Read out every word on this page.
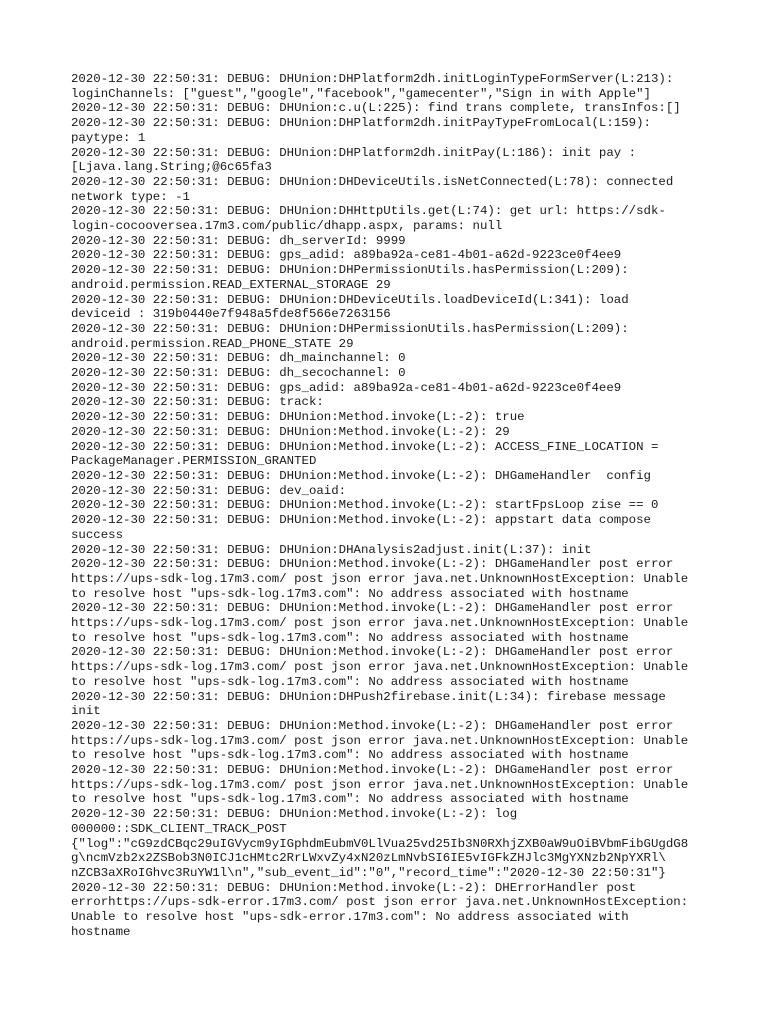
2020-12-30 22:50:31: DEBUG: DHUnion:DHPlatform2dh.initLoginTypeFormServer(L:213):
loginChannels: ["guest","google","facebook","gamecenter","Sign in with Apple"]
2020-12-30 22:50:31: DEBUG: DHUnion:c.u(L:225): find trans complete, transInfos:[]
2020-12-30 22:50:31: DEBUG: DHUnion:DHPlatform2dh.initPayTypeFromLocal(L:159):
paytype: 1
2020-12-30 22:50:31: DEBUG: DHUnion:DHPlatform2dh.initPay(L:186): init pay :
[Ljava.lang.String;@6c65fa3
2020-12-30 22:50:31: DEBUG: DHUnion:DHDeviceUtils.isNetConnected(L:78): connected
network type: -1
2020-12-30 22:50:31: DEBUG: DHUnion:DHHttpUtils.get(L:74): get url: https://sdk-
login-cocooversea.17m3.com/public/dhapp.aspx, params: null
2020-12-30 22:50:31: DEBUG: dh_serverId: 9999
2020-12-30 22:50:31: DEBUG: gps_adid: a89ba92a-ce81-4b01-a62d-9223ce0f4ee9
2020-12-30 22:50:31: DEBUG: DHUnion:DHPermissionUtils.hasPermission(L:209):
android.permission.READ_EXTERNAL_STORAGE 29
2020-12-30 22:50:31: DEBUG: DHUnion:DHDeviceUtils.loadDeviceId(L:341): load
deviceid : 319b0440e7f948a5fde8f566e7263156
2020-12-30 22:50:31: DEBUG: DHUnion:DHPermissionUtils.hasPermission(L:209):
android.permission.READ_PHONE_STATE 29
2020-12-30 22:50:31: DEBUG: dh_mainchannel: 0
2020-12-30 22:50:31: DEBUG: dh_secochannel: 0
2020-12-30 22:50:31: DEBUG: gps_adid: a89ba92a-ce81-4b01-a62d-9223ce0f4ee9
2020-12-30 22:50:31: DEBUG: track:
2020-12-30 22:50:31: DEBUG: DHUnion:Method.invoke(L:-2): true
2020-12-30 22:50:31: DEBUG: DHUnion:Method.invoke(L:-2): 29
2020-12-30 22:50:31: DEBUG: DHUnion:Method.invoke(L:-2): ACCESS_FINE_LOCATION =
PackageManager.PERMISSION_GRANTED
2020-12-30 22:50:31: DEBUG: DHUnion:Method.invoke(L:-2): DHGameHandler  config
2020-12-30 22:50:31: DEBUG: dev_oaid:
2020-12-30 22:50:31: DEBUG: DHUnion:Method.invoke(L:-2): startFpsLoop zise == 0
2020-12-30 22:50:31: DEBUG: DHUnion:Method.invoke(L:-2): appstart data compose
success
2020-12-30 22:50:31: DEBUG: DHUnion:DHAnalysis2adjust.init(L:37): init
2020-12-30 22:50:31: DEBUG: DHUnion:Method.invoke(L:-2): DHGameHandler post error
https://ups-sdk-log.17m3.com/ post json error java.net.UnknownHostException: Unable
to resolve host "ups-sdk-log.17m3.com": No address associated with hostname
2020-12-30 22:50:31: DEBUG: DHUnion:Method.invoke(L:-2): DHGameHandler post error
https://ups-sdk-log.17m3.com/ post json error java.net.UnknownHostException: Unable
to resolve host "ups-sdk-log.17m3.com": No address associated with hostname
2020-12-30 22:50:31: DEBUG: DHUnion:Method.invoke(L:-2): DHGameHandler post error
https://ups-sdk-log.17m3.com/ post json error java.net.UnknownHostException: Unable
to resolve host "ups-sdk-log.17m3.com": No address associated with hostname
2020-12-30 22:50:31: DEBUG: DHUnion:DHPush2firebase.init(L:34): firebase message
init
2020-12-30 22:50:31: DEBUG: DHUnion:Method.invoke(L:-2): DHGameHandler post error
https://ups-sdk-log.17m3.com/ post json error java.net.UnknownHostException: Unable
to resolve host "ups-sdk-log.17m3.com": No address associated with hostname
2020-12-30 22:50:31: DEBUG: DHUnion:Method.invoke(L:-2): DHGameHandler post error
https://ups-sdk-log.17m3.com/ post json error java.net.UnknownHostException: Unable
to resolve host "ups-sdk-log.17m3.com": No address associated with hostname
2020-12-30 22:50:31: DEBUG: DHUnion:Method.invoke(L:-2): log
000000::SDK_CLIENT_TRACK_POST
{"log":"cG9zdCBqc29uIGVycm9yIGphdmEubmV0LlVua25vd25Ib3N0RXhjZXB0aW9uOiBVbmFibGUgdG8
g\ncmVzb2x2ZSBob3N0ICJ1cHMtc2RrLWxvZy4xN20zLmNvbSI6IE5vIGFkZHJlc3MgYXNzb2NpYXRl\
nZCB3aXRoIGhvc3RuYW1l\n","sub_event_id":"0","record_time":"2020-12-30 22:50:31"}
2020-12-30 22:50:31: DEBUG: DHUnion:Method.invoke(L:-2): DHErrorHandler post
errorhttps://ups-sdk-error.17m3.com/ post json error java.net.UnknownHostException:
Unable to resolve host "ups-sdk-error.17m3.com": No address associated with
hostname
